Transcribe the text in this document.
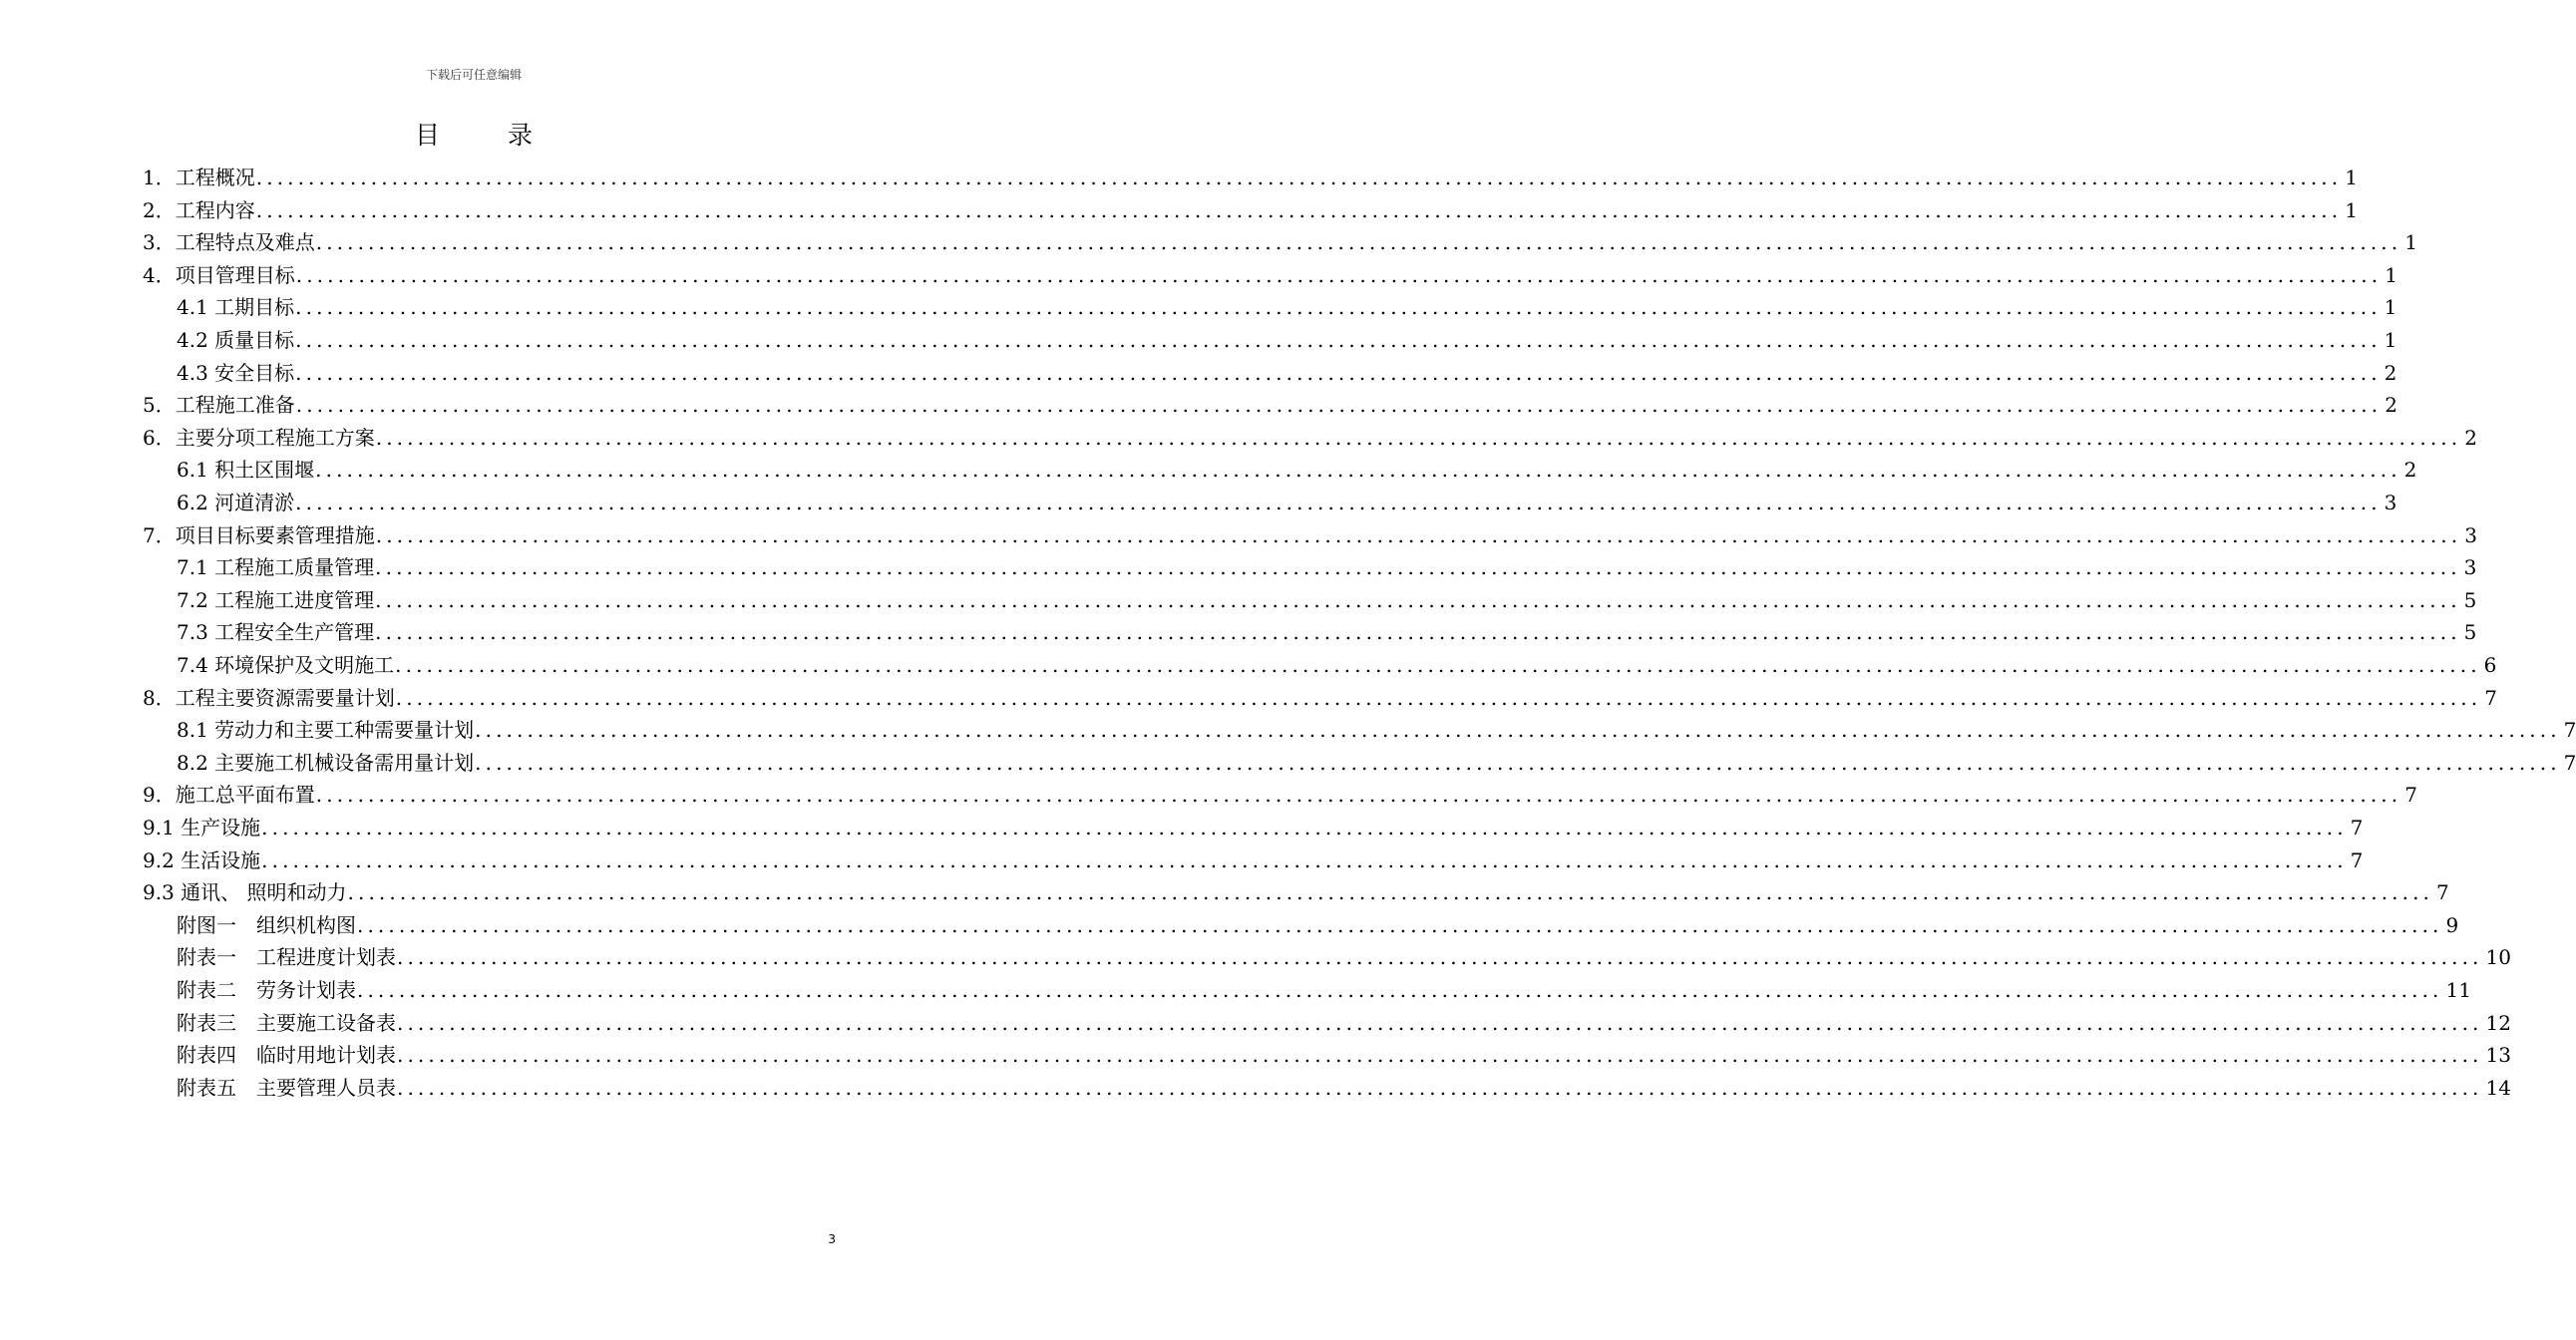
下载后可任意编辑
目	录
1．工程概况 ........................................................................................................................................................................................................ 1
2．工程内容 ........................................................................................................................................................................................................ 1
3．工程特点及难点 ........................................................................................................................................................................................................ 1
4．项目管理目标 ........................................................................................................................................................................................................ 1
4.1 工期目标 ........................................................................................................................................................................................................ 1
4.2 质量目标 ........................................................................................................................................................................................................ 1
4.3 安全目标 ........................................................................................................................................................................................................ 2
5．工程施工准备 ........................................................................................................................................................................................................ 2
6．主要分项工程施工方案 ........................................................................................................................................................................................................ 2
6.1 积土区围堰 ........................................................................................................................................................................................................ 2
6.2 河道清淤 ........................................................................................................................................................................................................ 3
7．项目目标要素管理措施 ........................................................................................................................................................................................................ 3
7.1 工程施工质量管理 ........................................................................................................................................................................................................ 3
7.2 工程施工进度管理 ........................................................................................................................................................................................................ 5
7.3 工程安全生产管理 ........................................................................................................................................................................................................ 5
7.4 环境保护及文明施工 ........................................................................................................................................................................................................ 6
8．工程主要资源需要量计划 ........................................................................................................................................................................................................ 7
8.1 劳动力和主要工种需要量计划 ........................................................................................................................................................................................................ 7
8.2 主要施工机械设备需用量计划 ........................................................................................................................................................................................................ 7
9．施工总平面布置 ........................................................................................................................................................................................................ 7
9.1 生产设施 ........................................................................................................................................................................................................ 7
9.2 生活设施 ........................................................................................................................................................................................................ 7
9.3 通讯、 照明和动力 ........................................................................................................................................................................................................ 7
附图一　组织机构图 ........................................................................................................................................................................................................ 9
附表一　工程进度计划表 ........................................................................................................................................................................................................ 10
附表二　劳务计划表 ........................................................................................................................................................................................................ 11
附表三　主要施工设备表 ........................................................................................................................................................................................................ 12
附表四　临时用地计划表 ........................................................................................................................................................................................................ 13
附表五　主要管理人员表 ........................................................................................................................................................................................................ 14
3
